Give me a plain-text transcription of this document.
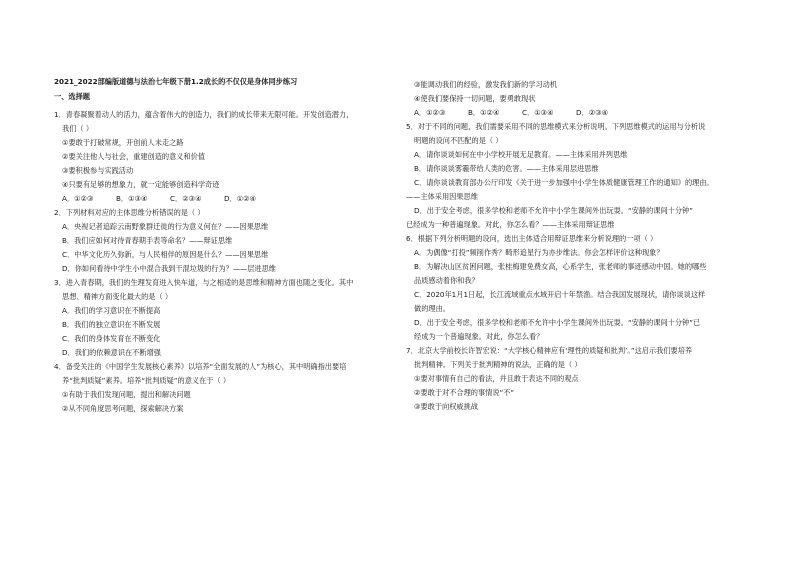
2021_2022部编版道德与法治七年级下册1.2成长的不仅仅是身体同步练习
一、选择题

1．青春凝聚着动人的活力，蕴含着伟大的创造力，我们的成长带来无限可能。开发创造潜力，

我们（ ）

①要敢于打破常规，开创前人未走之路

②要关注他人与社会，重建创造的意义和价值

③要积极参与实践活动

④只要有足够的想象力，就一定能够创造科学奇迹

A．①②③	B．①③④	C．②③④	D．①②④

2．下列材料对应的主体思维分析错误的是（ ）

A．央视记者追踪云南野象群迁徙的行为意义何在？——因果思维

B．我们应如何对待青春期手表等命名？——辩证思维

C．中华文化历久弥新，与人民相伴的原因是什么？——因果思维

D．你如何看待中学生小中混合我到干混垃圾的行为？——层进思维

3．进入青春期，我们的生理发育进入快车道，与之相适的是思维和精神方面也随之变化。其中

思想、精神方面变化最大的是（ ）

A．我们的学习意识在不断提高

B．我们的独立意识在不断发展

C．我们的身体发育在不断变化

D．我们的依赖意识在不断增强

4．备受关注的《中国学生发展核心素养》以培养“全面发展的人”为核心，其中明确指出要培

养“批判质疑”素养。培养“批判质疑”的意义在于（ ）

①有助于我们发现问题，提出和解决问题

②从不同角度思考问题，探索解决方案

③能调动我们的经验，激发我们新的学习动机

④使我们要保持一切问题，要勇敢现状

A．①②③	B．①②④	C．①③④	D．②③④

5．对于不同的问题，我们需要采用不同的思维模式来分析说明。下列思维模式的运用与分析说

明题的设问不匹配的是（ ）

A．请你谈谈如何在中小学校开展无足教育。——主体采用并列思维

B．请你谈谈雾霾带给人类的危害。——主体采用层进思维

C．请你谈谈教育部办公厅印发《关于进一步加强中小学生体质健康管理工作的通知》的理由。

——主体采用因果思维

D．出于安全考虑，很多学校和老师不允许中小学生课间外出玩耍。“安静的课间十分钟”

已经成为一种普遍现象。对此，你怎么看？——主体采用辩证思维

6．根据下列分析明题的设问，选出主体适合用辩证思维来分析说理的一项（ ）

A．为偶像“打投”频削作秀？畸形追星行为亦步维法。你会怎样评价这种现象？

B．为解决山区贫困问题，张桂梅建免费女高，心系学生，张老师的事迹感动中国。她的哪些

品质感动着你和我？

C．2020年1月1日起，长江流域重点水域开启十年禁渔。结合我国发展现状，请你谈谈这样

做的理由。

D．出于安全考虑，很多学校和老师不允许中小学生课间外出玩耍。“安静的课间十分钟”已

经成为一个普遍现象。对此，你怎么看？

7．北京大学前校长许智宏说：“大学核心精神应有‘理性的质疑和批判’。”这启示我们要培养

批判精神。下列关于批判精神的说法，正确的是（ ）

①要对事情有自己的看法，并且敢于表达不同的观点

②要敢于对不合理的事情说“不”

③要敢于向权威挑战
